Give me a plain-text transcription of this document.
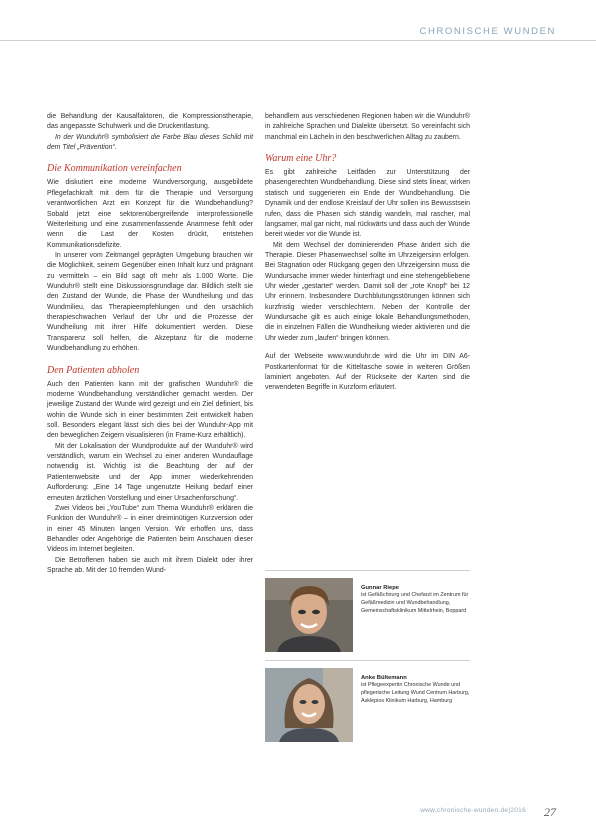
CHRONISCHE WUNDEN

die Behandlung der Kausalfaktoren, die Kompressionstherapie, das angepasste Schuhwerk und die Druckentlastung.

In der Wunduhr® symbolisiert die Farbe Blau dieses Schild mit dem Titel „Prävention“.

Die Kommunikation vereinfachen

Wie diskutiert eine moderne Wundversorgung, ausgebildete Pflegefachkraft mit dem für die Therapie und Versorgung verantwortlichen Arzt ein Konzept für die Wundbehandlung? Sobald jetzt eine sektorenübergreifende interprofessionelle Weiterleitung und eine zusammenfassende Anamnese fehlt oder wenn die Last der Kosten drückt, entstehen Kommunikationsdefizite.

In unserer vom Zeitmangel geprägten Umgebung brauchen wir die Möglichkeit, seinem Gegenüber einen Inhalt kurz und prägnant zu vermitteln – ein Bild sagt oft mehr als 1.000 Worte. Die Wunduhr® stellt eine Diskussionsgrundlage dar. Bildlich stellt sie den Zustand der Wunde, die Phase der Wundheilung und das Wundmilieu, das Therapieempfehlungen und den ursächlich therapieschwachen Verlauf der Uhr und die Prozesse der Wundheilung mit ihrer Hilfe dokumentiert werden. Diese Transparenz soll helfen, die Akzeptanz für die moderne Wundbehandlung zu erhöhen.

Den Patienten abholen

Auch den Patienten kann mit der grafischen Wunduhr® die moderne Wundbehandlung verständlicher gemacht werden. Der jeweilige Zustand der Wunde wird gezeigt und ein Ziel definiert, bis wohin die Wunde sich in einer bestimmten Zeit entwickelt haben soll. Besonders elegant lässt sich dies bei der Wunduhr-App mit den beweglichen Zeigern visualisieren (in Frame-Kurz erhältlich).

Mit der Lokalisation der Wundprodukte auf der Wunduhr® wird verständlich, warum ein Wechsel zu einer anderen Wundauflage notwendig ist. Wichtig ist die Beachtung der auf der Patientenwebsite und der App immer wiederkehrenden Aufforderung: „Eine 14 Tage ungenutzte Heilung bedarf einer erneuten ärztlichen Vorstellung und einer Ursachenforschung“.

Zwei Videos bei „YouTube“ zum Thema Wunduhr® erklären die Funktion der Wunduhr® – in einer dreiminütigen Kurzversion oder in einer 45 Minuten langen Version. Wir erhoffen uns, dass Behandler oder Angehörige die Patienten beim Anschauen dieser Videos im Internet begleiten.

Die Betroffenen haben sie auch mit ihrem Dialekt oder ihrer Sprache ab. Mit der 10 fremden Wund-

behandlern aus verschiedenen Regionen haben wir die Wunduhr® in zahlreiche Sprachen und Dialekte übersetzt. So vereinfacht sich manchmal ein Lächeln in den beschwerlichen Alltag zu zaubern.

Warum eine Uhr?

Es gibt zahlreiche Leitfäden zur Unterstützung der phasengerechten Wundbehandlung. Diese sind stets linear, wirken statisch und suggerieren ein Ende der Wundbehandlung. Die Dynamik und der endlose Kreislauf der Uhr sollen ins Bewusstsein rufen, dass die Phasen sich ständig wandeln, mal rascher, mal langsamer, mal gar nicht, mal rückwärts und dass auch der Wunde bereit wieder vor die Wunde ist.

Mit dem Wechsel der dominierenden Phase ändert sich die Therapie. Dieser Phasenwechsel sollte im Uhrzeigersinn erfolgen. Bei Stagnation oder Rückgang gegen den Uhrzeigersinn muss die Wundursache immer wieder hinterfragt und eine stehengebliebene Uhr wieder „gestartet“ werden. Damit soll der „rote Knopf“ bei 12 Uhr erinnern. Insbesondere Durchblutungsstörungen können sich kurzfristig wieder verschlechtern. Neben der Kontrolle der Wundursache gilt es auch einige lokale Behandlungsmethoden, die in einzelnen Fällen die Wundheilung wieder aktivieren und die Uhr wieder zum „laufen“ bringen können.

Auf der Webseite www.wunduhr.de wird die Uhr im DIN A6-Postkartenformat für die Kitteltasche sowie in weiteren Größen laminiert angeboten. Auf der Rückseite der Karten sind die verwendeten Begriffe in Kurzform erläutert.

Gunnar Riepe
ist Gefäßchirurg und Chefarzt im Zentrum für Gefäßmedizin und Wundbehandlung, Gemeinschaftsklinikum Mittelrhein, Boppard
Anke Bültemann
ist Pflegeexpertin Chronische Wunde und pflegerische Leitung Wund Centrum Harburg, Asklepios Klinikum Harburg, Hamburg
www.chronische-wunden.de|2016 27
